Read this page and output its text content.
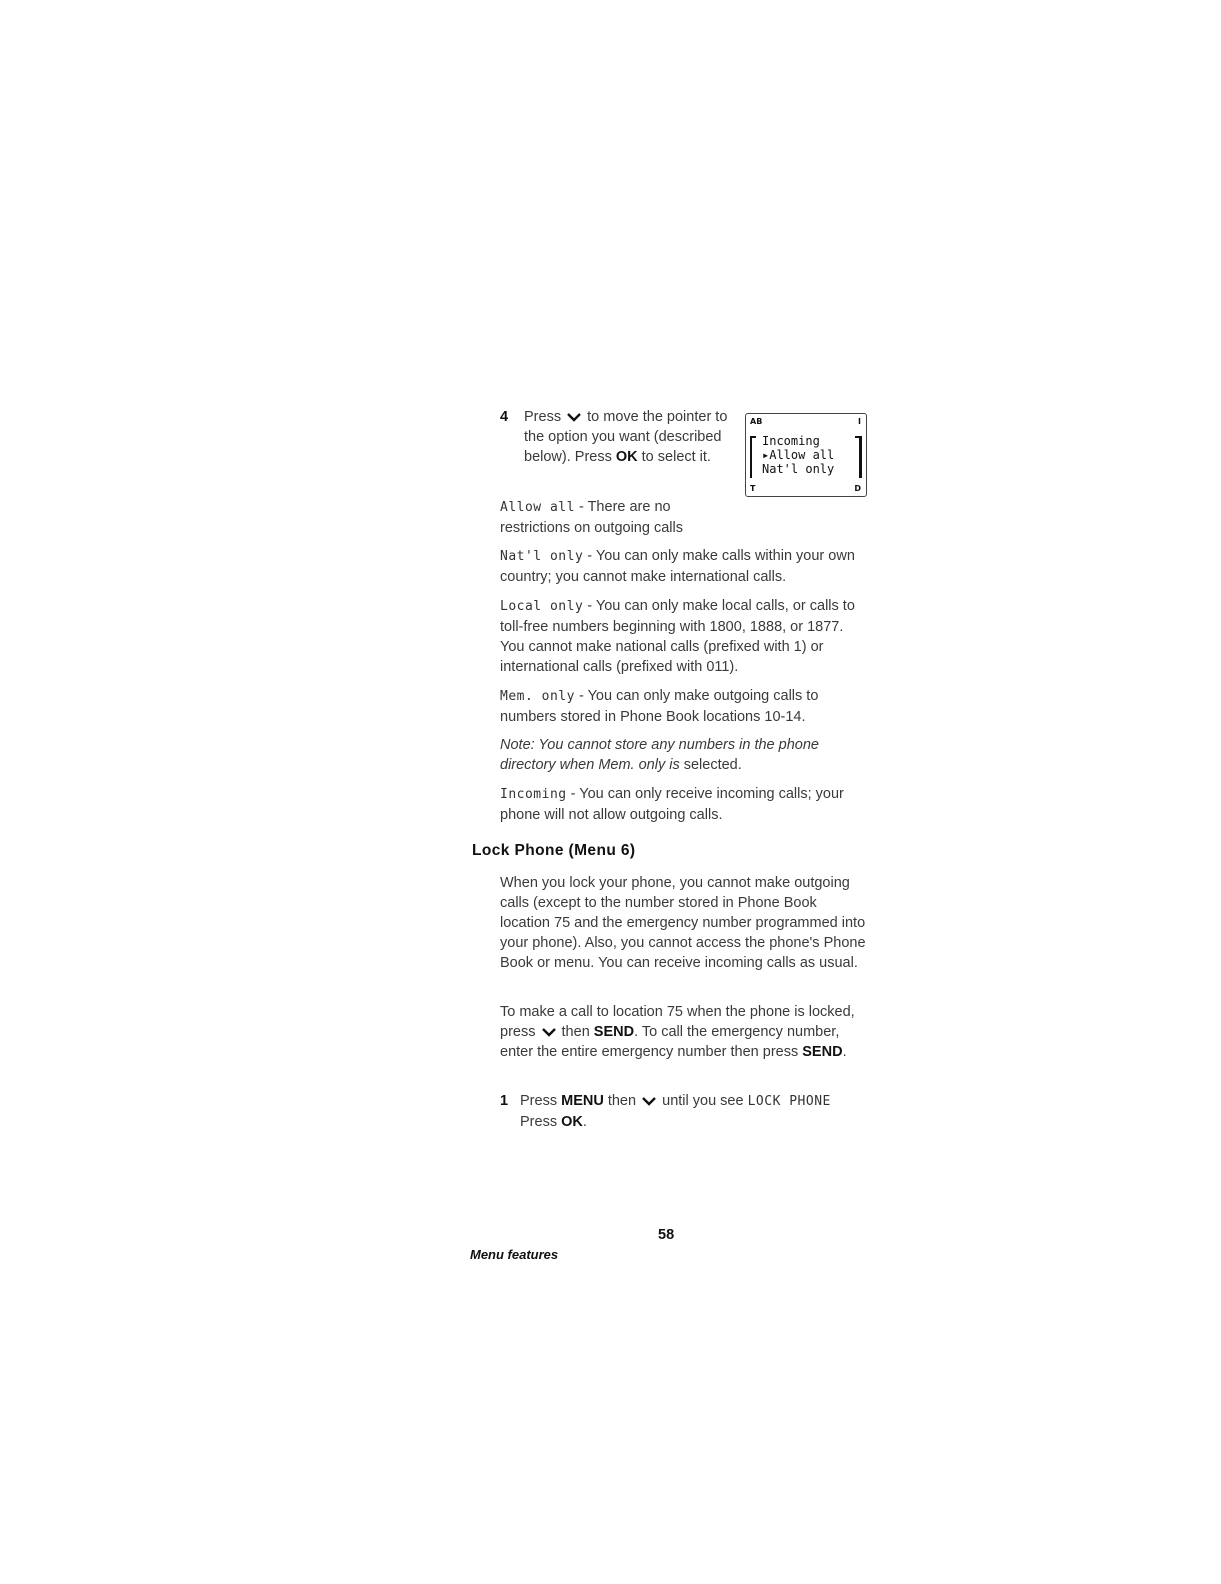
4 Press to move the pointer to the option you want (described below). Press OK to select it.
AB	I
Incoming
▸Allow all
Nat'l only
T	D

Allow all - There are no restrictions on outgoing calls

Nat'l only - You can only make calls within your own country; you cannot make international calls.

Local only - You can only make local calls, or calls to toll-free numbers beginning with 1800, 1888, or 1877. You cannot make national calls (prefixed with 1) or international calls (prefixed with 011).

Mem. only - You can only make outgoing calls to numbers stored in Phone Book locations 10-14.

Note: You cannot store any numbers in the phone directory when Mem. only is selected.

Incoming - You can only receive incoming calls; your phone will not allow outgoing calls.

Lock Phone (Menu 6)

When you lock your phone, you cannot make outgoing calls (except to the number stored in Phone Book location 75 and the emergency number programmed into your phone). Also, you cannot access the phone's Phone Book or menu. You can receive incoming calls as usual.

To make a call to location 75 when the phone is locked, press then SEND. To call the emergency number, enter the entire emergency number then press SEND.

1 Press MENU then until you see LOCK PHONE
Press OK.
58
Menu features
